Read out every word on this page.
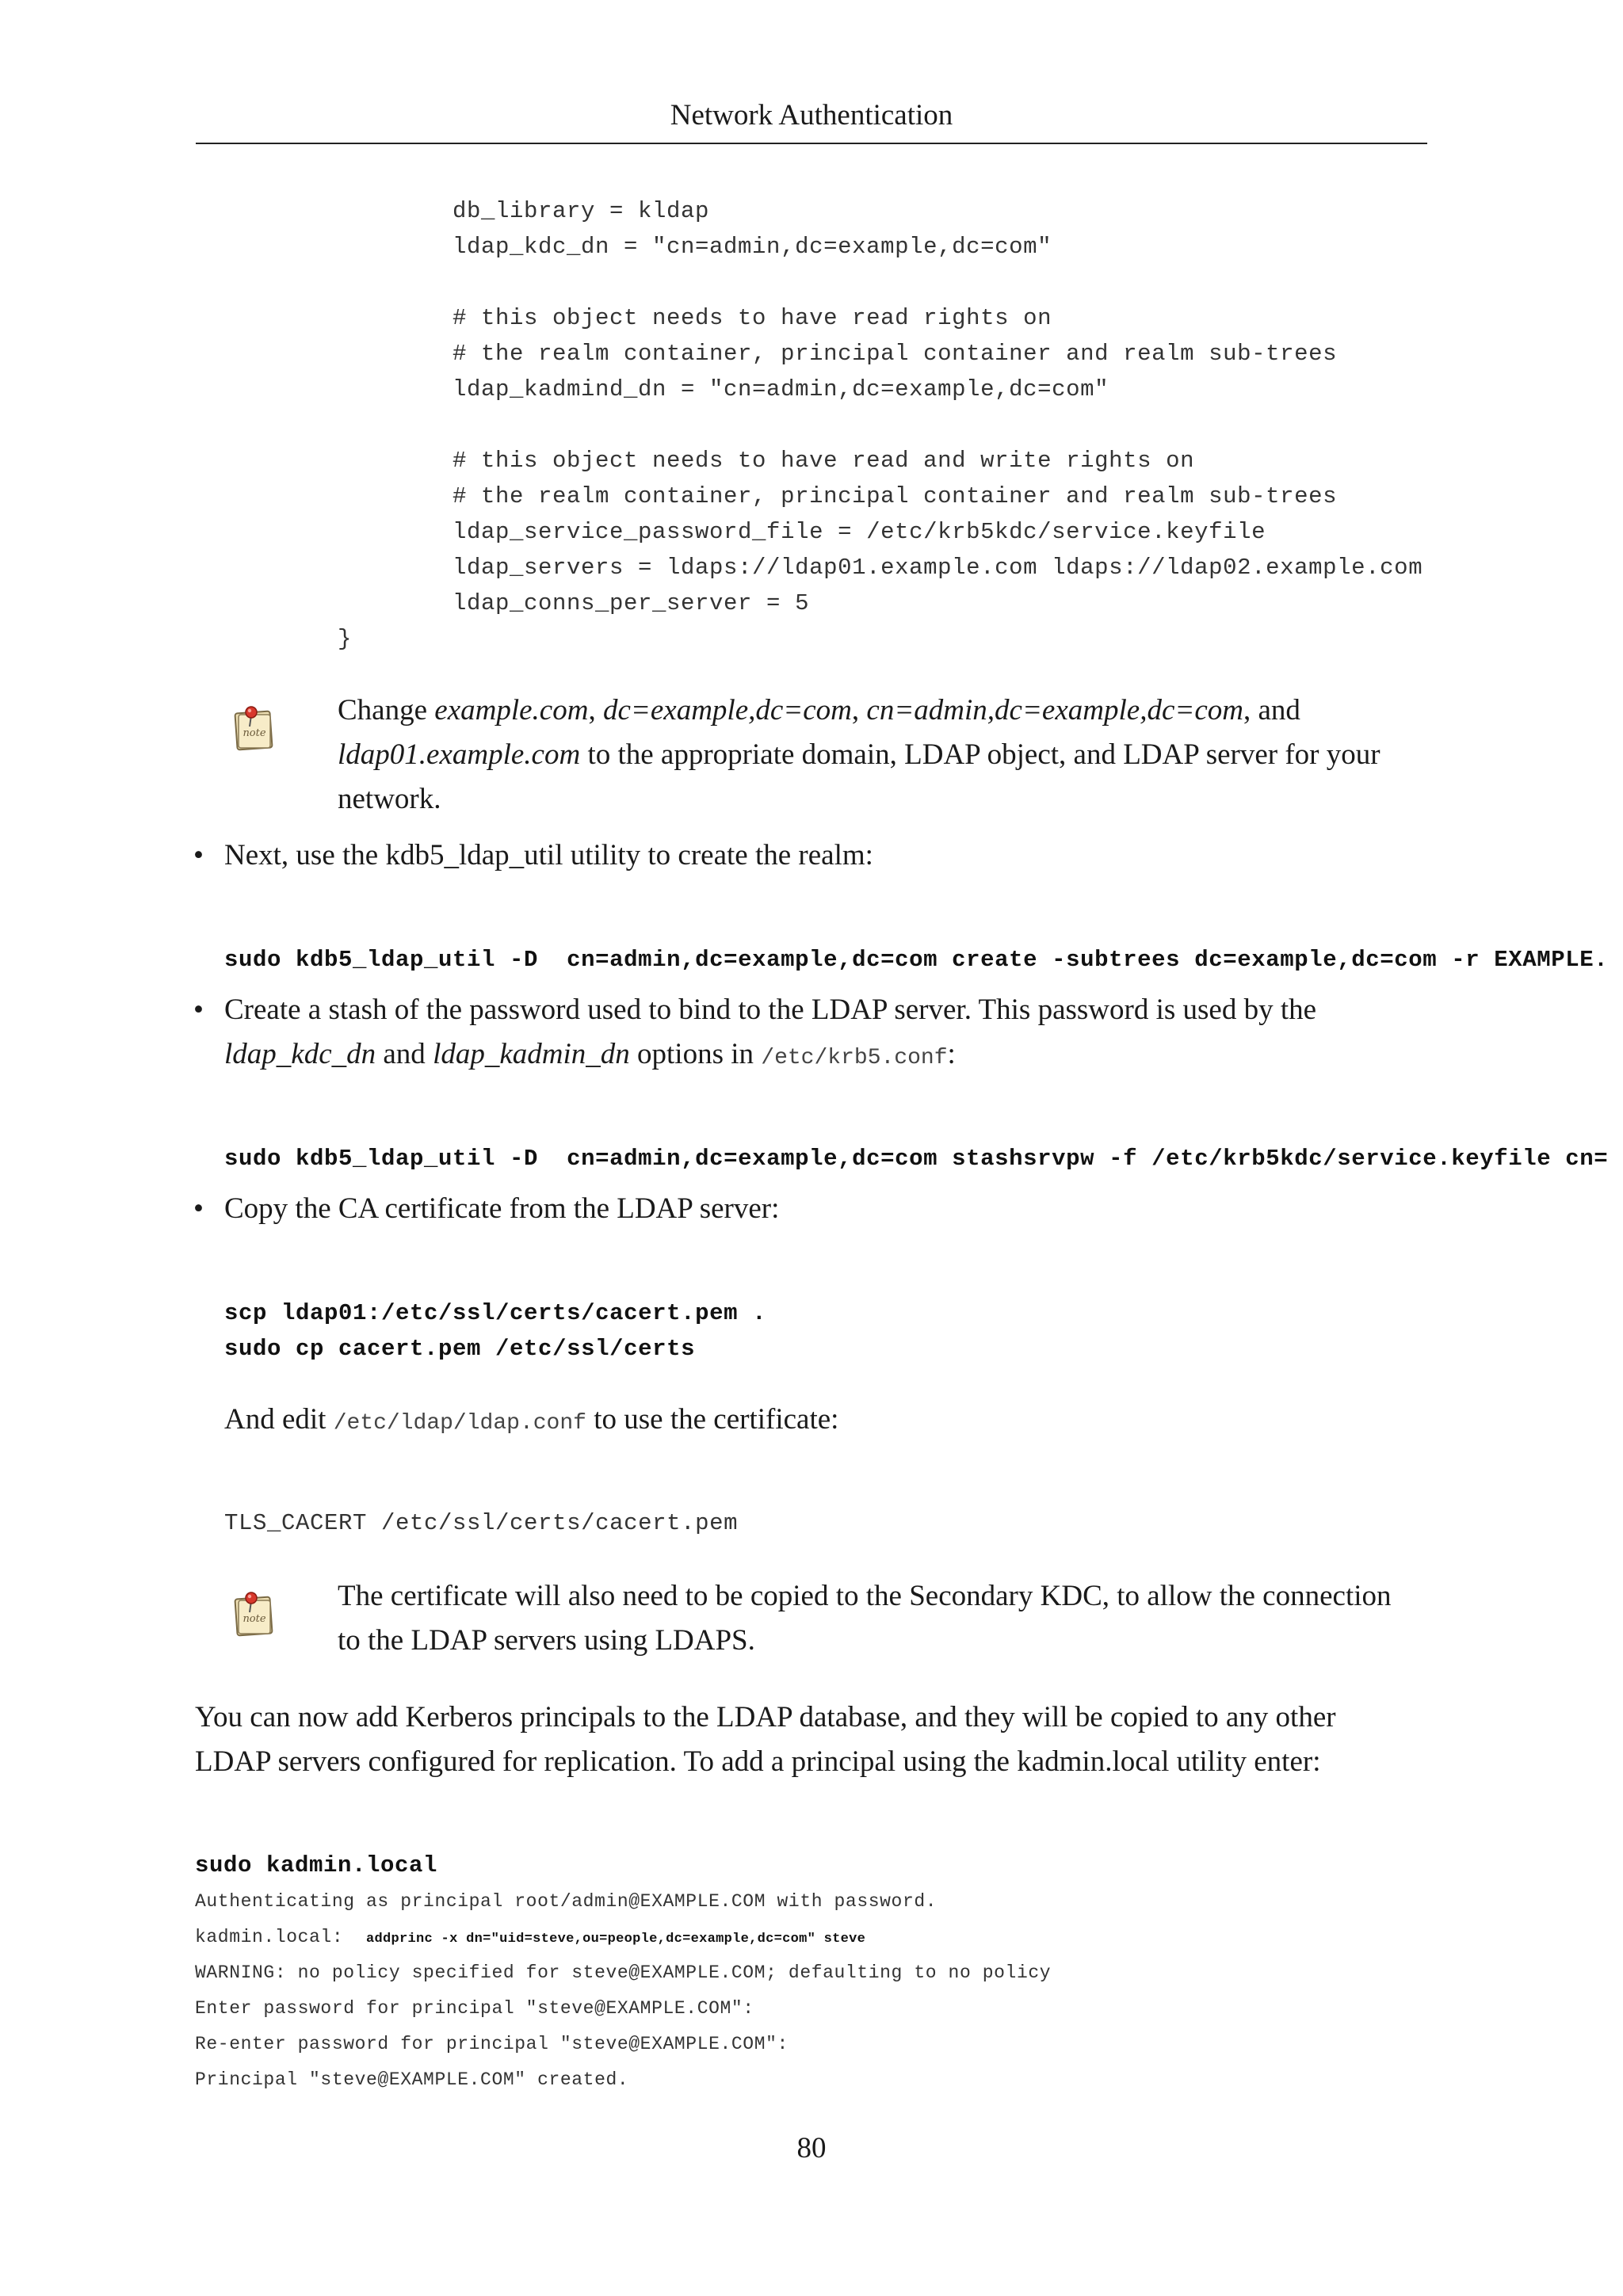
Network Authentication
db_library = kldap
ldap_kdc_dn = "cn=admin,dc=example,dc=com"
# this object needs to have read rights on
# the realm container, principal container and realm sub-trees
ldap_kadmind_dn = "cn=admin,dc=example,dc=com"
# this object needs to have read and write rights on
# the realm container, principal container and realm sub-trees
ldap_service_password_file = /etc/krb5kdc/service.keyfile
ldap_servers = ldaps://ldap01.example.com ldaps://ldap02.example.com
ldap_conns_per_server = 5
}
note
Change example.com, dc=example,dc=com, cn=admin,dc=example,dc=com, and
ldap01.example.com to the appropriate domain, LDAP object, and LDAP server for your
network.
• Next, use the kdb5_ldap_util utility to create the realm:
sudo kdb5_ldap_util -D  cn=admin,dc=example,dc=com create -subtrees dc=example,dc=com -r EXAMPLE.
• Create a stash of the password used to bind to the LDAP server. This password is used by the
ldap_kdc_dn and ldap_kadmin_dn options in /etc/krb5.conf:
sudo kdb5_ldap_util -D  cn=admin,dc=example,dc=com stashsrvpw -f /etc/krb5kdc/service.keyfile cn=
• Copy the CA certificate from the LDAP server:
scp ldap01:/etc/ssl/certs/cacert.pem .
sudo cp cacert.pem /etc/ssl/certs
And edit /etc/ldap/ldap.conf to use the certificate:
TLS_CACERT /etc/ssl/certs/cacert.pem
note
The certificate will also need to be copied to the Secondary KDC, to allow the connection
to the LDAP servers using LDAPS.
You can now add Kerberos principals to the LDAP database, and they will be copied to any other
LDAP servers configured for replication. To add a principal using the kadmin.local utility enter:
sudo kadmin.local
Authenticating as principal root/admin@EXAMPLE.COM with password.
kadmin.local:  addprinc -x dn="uid=steve,ou=people,dc=example,dc=com" steve
WARNING: no policy specified for steve@EXAMPLE.COM; defaulting to no policy
Enter password for principal "steve@EXAMPLE.COM":
Re-enter password for principal "steve@EXAMPLE.COM":
Principal "steve@EXAMPLE.COM" created.
80
